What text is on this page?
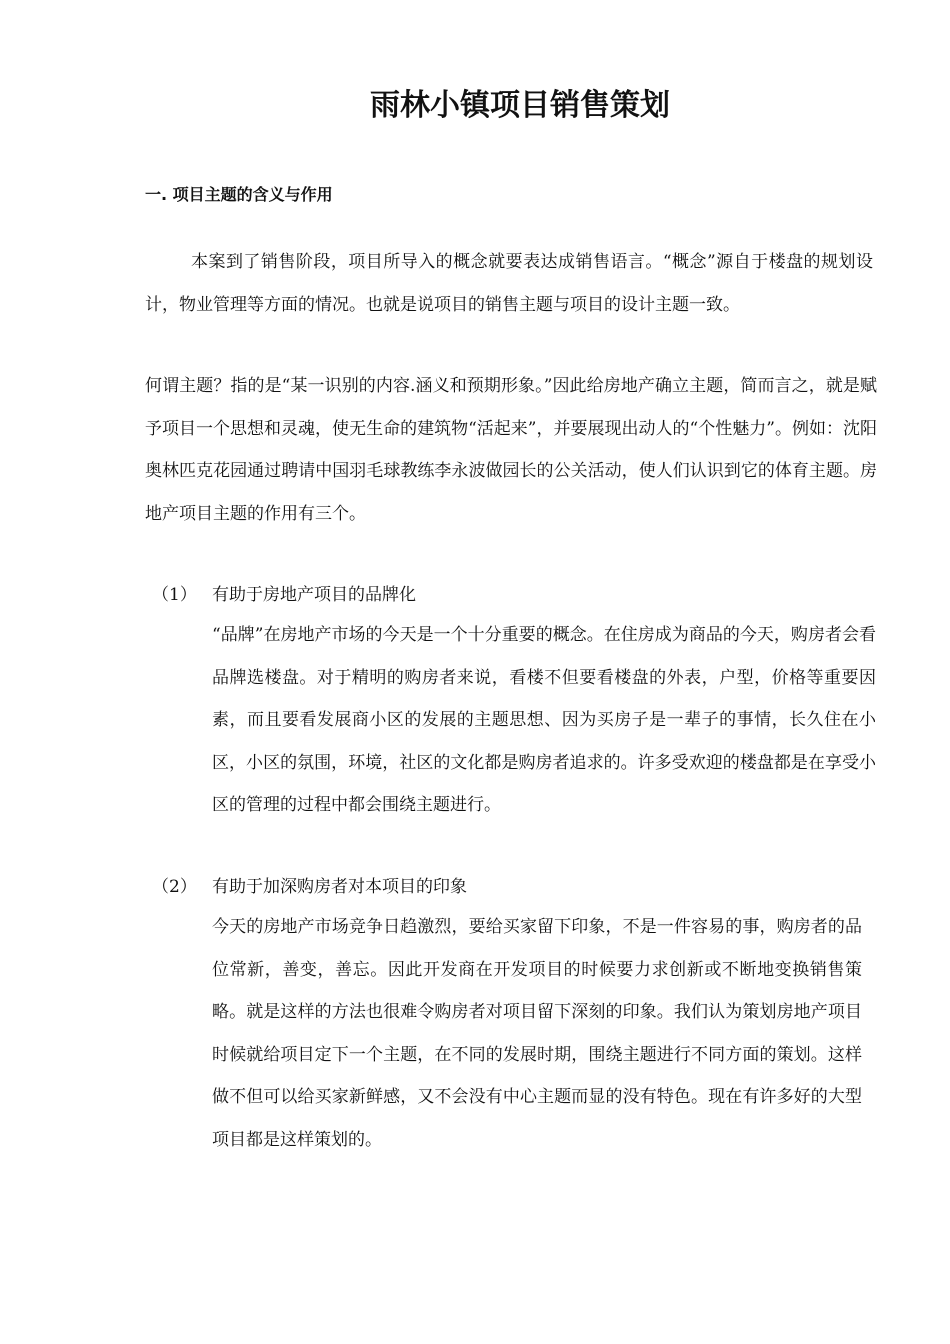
雨林小镇项目销售策划
一. 项目主题的含义与作用

本案到了销售阶段，项目所导入的概念就要表达成销售语言。“概念”源自于楼盘的规划设计，物业管理等方面的情况。也就是说项目的销售主题与项目的设计主题一致。

何谓主题？指的是“某一识别的内容.涵义和预期形象。”因此给房地产确立主题，简而言之，就是赋予项目一个思想和灵魂，使无生命的建筑物“活起来”，并要展现出动人的“个性魅力”。例如：沈阳奥林匹克花园通过聘请中国羽毛球教练李永波做园长的公关活动，使人们认识到它的体育主题。房地产项目主题的作用有三个。

（1） 有助于房地产项目的品牌化

“品牌”在房地产市场的今天是一个十分重要的概念。在住房成为商品的今天，购房者会看品牌选楼盘。对于精明的购房者来说，看楼不但要看楼盘的外表，户型，价格等重要因素，而且要看发展商小区的发展的主题思想、因为买房子是一辈子的事情，长久住在小区，小区的氛围，环境，社区的文化都是购房者追求的。许多受欢迎的楼盘都是在享受小区的管理的过程中都会围绕主题进行。

（2） 有助于加深购房者对本项目的印象

今天的房地产市场竞争日趋激烈，要给买家留下印象，不是一件容易的事，购房者的品位常新，善变，善忘。因此开发商在开发项目的时候要力求创新或不断地变换销售策略。就是这样的方法也很难令购房者对项目留下深刻的印象。我们认为策划房地产项目时候就给项目定下一个主题，在不同的发展时期，围绕主题进行不同方面的策划。这样做不但可以给买家新鲜感，又不会没有中心主题而显的没有特色。现在有许多好的大型项目都是这样策划的。
